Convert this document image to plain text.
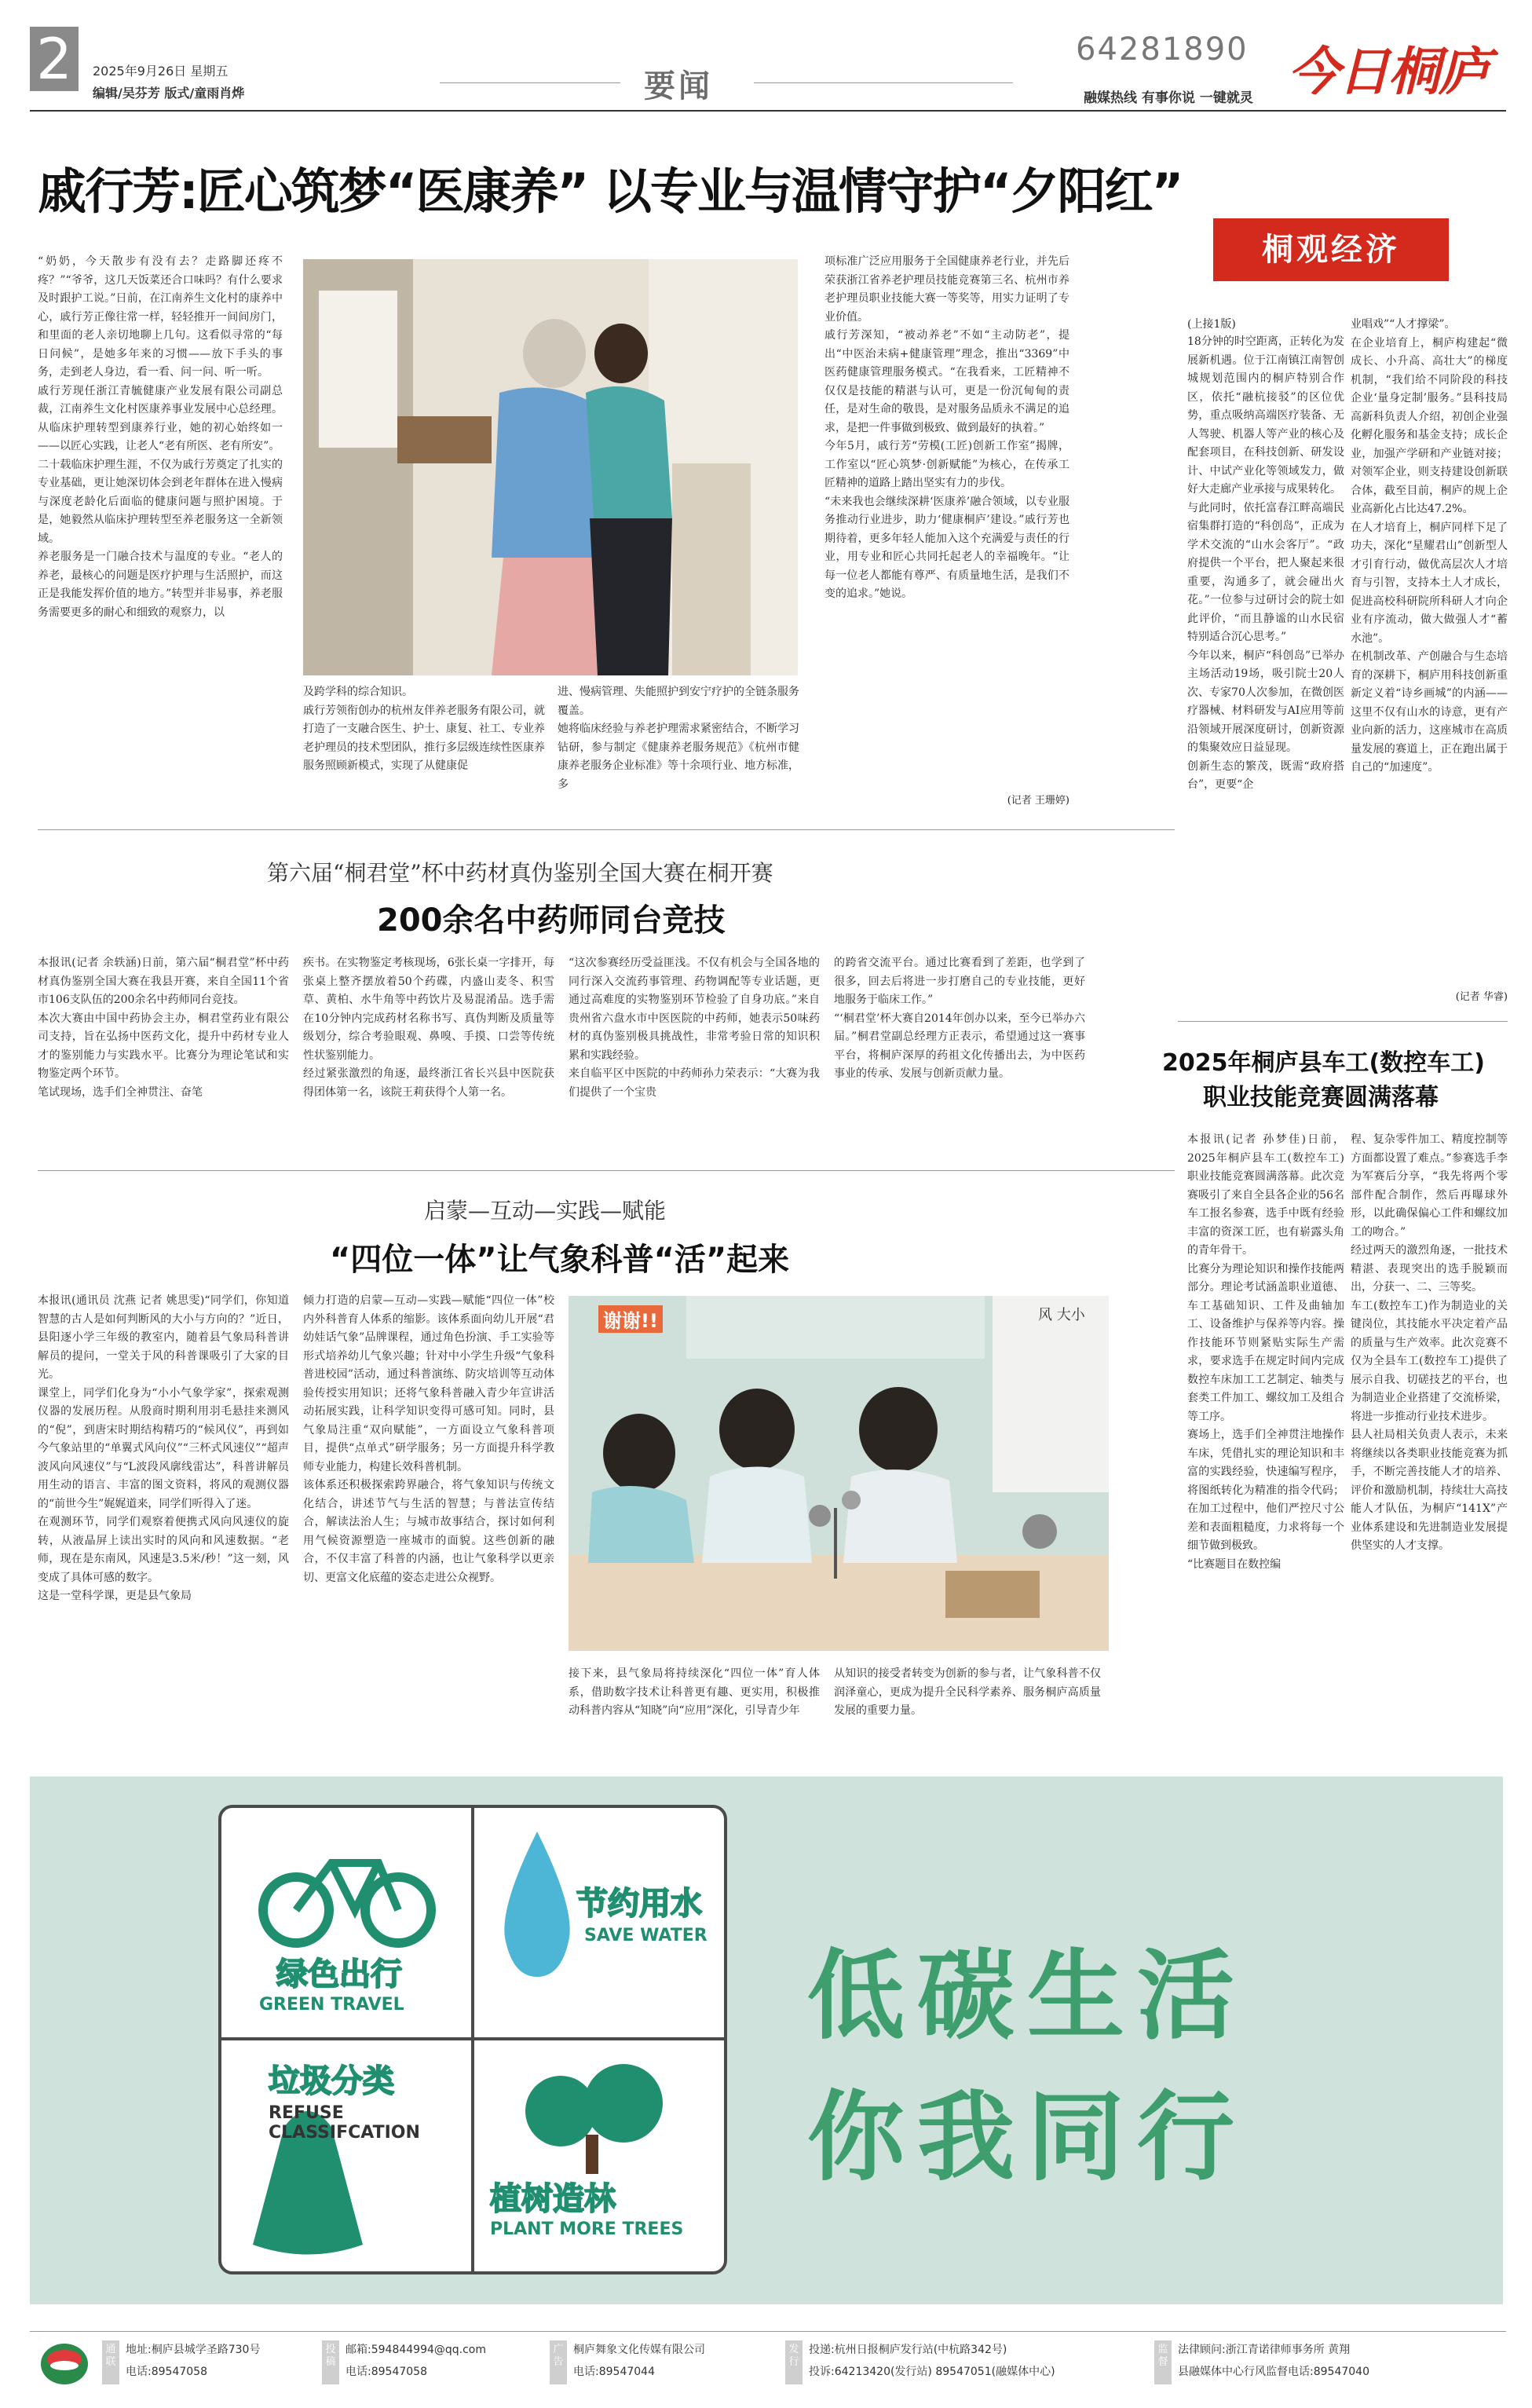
2	2025年9月26日 星期五
编辑/吴芬芳 版式/童雨肖烨	要闻
64281890
融媒热线 有事你说 一键就灵 今日桐庐
戚行芳:匠心筑梦“医康养” 以专业与温情守护“夕阳红”
“奶奶，今天散步有没有去？走路脚还疼不疼？”“爷爷，这几天饭菜还合口味吗？有什么要求及时跟护工说。”日前，在江南养生文化村的康养中心，戚行芳正像往常一样，轻轻推开一间间房门，和里面的老人亲切地聊上几句。这看似寻常的“每日问候”，是她多年来的习惯——放下手头的事务，走到老人身边，看一看、问一问、听一听。
戚行芳现任浙江青毓健康产业发展有限公司副总裁，江南养生文化村医康养事业发展中心总经理。从临床护理转型到康养行业，她的初心始终如一——以匠心实践，让老人“老有所医、老有所安”。
二十载临床护理生涯，不仅为戚行芳奠定了扎实的专业基础，更让她深切体会到老年群体在进入慢病与深度老龄化后面临的健康问题与照护困境。于是，她毅然从临床护理转型至养老服务这一全新领域。
养老服务是一门融合技术与温度的专业。“老人的养老，最核心的问题是医疗护理与生活照护，而这正是我能发挥价值的地方。”转型并非易事，养老服务需要更多的耐心和细致的观察力，以
及跨学科的综合知识。
戚行芳领衔创办的杭州友伴养老服务有限公司，就打造了一支融合医生、护士、康复、社工、专业养老护理员的技术型团队，推行多层级连续性医康养服务照顾新模式，实现了从健康促
进、慢病管理、失能照护到安宁疗护的全链条服务覆盖。
她将临床经验与养老护理需求紧密结合，不断学习钻研，参与制定《健康养老服务规范》《杭州市健康养老服务企业标准》等十余项行业、地方标准，多
项标准广泛应用服务于全国健康养老行业，并先后荣获浙江省养老护理员技能竞赛第三名、杭州市养老护理员职业技能大赛一等奖等，用实力证明了专业价值。
戚行芳深知，“被动养老”不如“主动防老”，提出“中医治未病+健康管理”理念，推出“3369”中医药健康管理服务模式。“在我看来，工匠精神不仅仅是技能的精湛与认可，更是一份沉甸甸的责任，是对生命的敬畏，是对服务品质永不满足的追求，是把一件事做到极致、做到最好的执着。”
今年5月，戚行芳“劳模(工匠)创新工作室”揭牌，工作室以“匠心筑梦·创新赋能”为核心，在传承工匠精神的道路上踏出坚实有力的步伐。
“未来我也会继续深耕‘医康养’融合领域，以专业服务推动行业进步，助力‘健康桐庐’建设。”戚行芳也期待着，更多年轻人能加入这个充满爱与责任的行业，用专业和匠心共同托起老人的幸福晚年。“让每一位老人都能有尊严、有质量地生活，是我们不变的追求。”她说。
(记者 王珊婷)
桐观经济
(上接1版)
18分钟的时空距离，正转化为发展新机遇。位于江南镇江南智创城规划范围内的桐庐特别合作区，依托“融杭接驳”的区位优势，重点吸纳高端医疗装备、无人驾驶、机器人等产业的核心及配套项目，在科技创新、研发设计、中试产业化等领域发力，做好大走廊产业承接与成果转化。
与此同时，依托富春江畔高端民宿集群打造的“科创岛”，正成为学术交流的“山水会客厅”。“政府提供一个平台，把人聚起来很重要，沟通多了，就会碰出火花。”一位参与过研讨会的院士如此评价，“而且静谧的山水民宿特别适合沉心思考。”
今年以来，桐庐“科创岛”已举办主场活动19场，吸引院士20人次、专家70人次参加，在微创医疗器械、材料研发与AI应用等前沿领域开展深度研讨，创新资源的集聚效应日益显现。
创新生态的繁茂，既需“政府搭台”，更要“企
业唱戏”“人才撑梁”。
在企业培育上，桐庐构建起“微成长、小升高、高壮大”的梯度机制，“我们给不同阶段的科技企业‘量身定制’服务。”县科技局高新科负责人介绍，初创企业强化孵化服务和基金支持；成长企业，加强产学研和产业链对接；对领军企业，则支持建设创新联合体，截至目前，桐庐的规上企业高新化占比达47.2%。
在人才培育上，桐庐同样下足了功夫，深化“星耀君山”创新型人才引育行动，做优高层次人才培育与引智，支持本土人才成长，促进高校科研院所科研人才向企业有序流动，做大做强人才“蓄水池”。
在机制改革、产创融合与生态培育的深耕下，桐庐用科技创新重新定义着“诗乡画城”的内涵——这里不仅有山水的诗意，更有产业向新的活力，这座城市在高质量发展的赛道上，正在跑出属于自己的“加速度”。
(记者 华睿)
第六届“桐君堂”杯中药材真伪鉴别全国大赛在桐开赛
200余名中药师同台竞技
本报讯(记者 余轶涵)日前，第六届“桐君堂”杯中药材真伪鉴别全国大赛在我县开赛，来自全国11个省市106支队伍的200余名中药师同台竞技。
本次大赛由中国中药协会主办，桐君堂药业有限公司支持，旨在弘扬中医药文化，提升中药材专业人才的鉴别能力与实践水平。比赛分为理论笔试和实物鉴定两个环节。
笔试现场，选手们全神贯注、奋笔
疾书。在实物鉴定考核现场，6张长桌一字排开，每张桌上整齐摆放着50个药碟，内盛山麦冬、积雪草、黄柏、水牛角等中药饮片及易混淆品。选手需在10分钟内完成药材名称书写、真伪判断及质量等级划分，综合考验眼观、鼻嗅、手摸、口尝等传统性状鉴别能力。
经过紧张激烈的角逐，最终浙江省长兴县中医院获得团体第一名，该院王莉获得个人第一名。
“这次参赛经历受益匪浅。不仅有机会与全国各地的同行深入交流药事管理、药物调配等专业话题，更通过高难度的实物鉴别环节检验了自身功底。”来自贵州省六盘水市中医医院的中药师，她表示50味药材的真伪鉴别极具挑战性，非常考验日常的知识积累和实践经验。
来自临平区中医院的中药师孙力荣表示：“大赛为我们提供了一个宝贵
的跨省交流平台。通过比赛看到了差距，也学到了很多，回去后将进一步打磨自己的专业技能，更好地服务于临床工作。”
“‘桐君堂’杯大赛自2014年创办以来，至今已举办六届。”桐君堂副总经理方正表示，希望通过这一赛事平台，将桐庐深厚的药祖文化传播出去，为中医药事业的传承、发展与创新贡献力量。
启蒙—互动—实践—赋能
“四位一体”让气象科普“活”起来
本报讯(通讯员 沈燕 记者 姚思雯)“同学们，你知道智慧的古人是如何判断风的大小与方向的？”近日，县阳逐小学三年级的教室内，随着县气象局科普讲解员的提问，一堂关于风的科普课吸引了大家的目光。
课堂上，同学们化身为“小小气象学家”，探索观测仪器的发展历程。从殷商时期利用羽毛悬挂来测风的“倪”，到唐宋时期结构精巧的“候风仪”，再到如今气象站里的“单翼式风向仪”“三杯式风速仪”“超声波风向风速仪”与“L波段风廓线雷达”，科普讲解员用生动的语言、丰富的图文资料，将风的观测仪器的“前世今生”娓娓道来，同学们听得入了迷。
在观测环节，同学们观察着便携式风向风速仪的旋转，从液晶屏上读出实时的风向和风速数据。“老师，现在是东南风，风速是3.5米/秒！”这一刻，风变成了具体可感的数字。
这是一堂科学课，更是县气象局
倾力打造的启蒙—互动—实践—赋能“四位一体”校内外科普育人体系的缩影。该体系面向幼儿开展“君幼娃话气象”品牌课程，通过角色扮演、手工实验等形式培养幼儿气象兴趣；针对中小学生升级“气象科普进校园”活动，通过科普演练、防灾培训等互动体验传授实用知识；还将气象科普融入青少年宣讲活动拓展实践，让科学知识变得可感可知。同时，县气象局注重“双向赋能”，一方面设立气象科普项目，提供“点单式”研学服务；另一方面提升科学教师专业能力，构建长效科普机制。
该体系还积极探索跨界融合，将气象知识与传统文化结合，讲述节气与生活的智慧；与普法宣传结合，解读法治人生；与城市故事结合，探讨如何利用气候资源塑造一座城市的面貌。这些创新的融合，不仅丰富了科普的内涵，也让气象科学以更亲切、更富文化底蕴的姿态走进公众视野。
谢谢!!	风 大小
接下来，县气象局将持续深化“四位一体”育人体系，借助数字技术让科普更有趣、更实用，积极推动科普内容从“知晓”向“应用”深化，引导青少年
从知识的接受者转变为创新的参与者，让气象科普不仅润泽童心，更成为提升全民科学素养、服务桐庐高质量发展的重要力量。
2025年桐庐县车工(数控车工)
职业技能竞赛圆满落幕
本报讯(记者 孙梦佳)日前，2025年桐庐县车工(数控车工)职业技能竞赛圆满落幕。此次竞赛吸引了来自全县各企业的56名车工报名参赛，选手中既有经验丰富的资深工匠，也有崭露头角的青年骨干。
比赛分为理论知识和操作技能两部分。理论考试涵盖职业道德、车工基础知识、工件及曲轴加工、设备维护与保养等内容。操作技能环节则紧贴实际生产需求，要求选手在规定时间内完成数控车床加工工艺制定、轴类与套类工件加工、螺纹加工及组合等工序。
赛场上，选手们全神贯注地操作车床，凭借扎实的理论知识和丰富的实践经验，快速编写程序，将图纸转化为精准的指令代码；在加工过程中，他们严控尺寸公差和表面粗糙度，力求将每一个细节做到极致。
“比赛题目在数控编
程、复杂零件加工、精度控制等方面都设置了难点。”参赛选手李为军赛后分享，“我先将两个零部件配合制作，然后再曝球外形，以此确保偏心工件和螺纹加工的吻合。”
经过两天的激烈角逐，一批技术精湛、表现突出的选手脱颖而出，分获一、二、三等奖。
车工(数控车工)作为制造业的关键岗位，其技能水平决定着产品的质量与生产效率。此次竞赛不仅为全县车工(数控车工)提供了展示自我、切磋技艺的平台，也为制造业企业搭建了交流桥梁，将进一步推动行业技术进步。
县人社局相关负责人表示，未来将继续以各类职业技能竞赛为抓手，不断完善技能人才的培养、评价和激励机制，持续壮大高技能人才队伍，为桐庐“141X”产业体系建设和先进制造业发展提供坚实的人才支撑。
绿色出行
GREEN TRAVEL
节约用水
SAVE WATER
垃圾分类
REFUSE CLASSIFCATION
植树造林
PLANT MORE TREES
低碳生活
你我同行
通联
地址:桐庐县城学圣路730号
电话:89547058
投稿
邮箱:594844994@qq.com
电话:89547058
广告
桐庐舞象文化传媒有限公司
电话:89547044
发行
投递:杭州日报桐庐发行站(中杭路342号)
投诉:64213420(发行站) 89547051(融媒体中心)
监督
法律顾问:浙江青诺律师事务所 黄翔
县融媒体中心行风监督电话:89547040
